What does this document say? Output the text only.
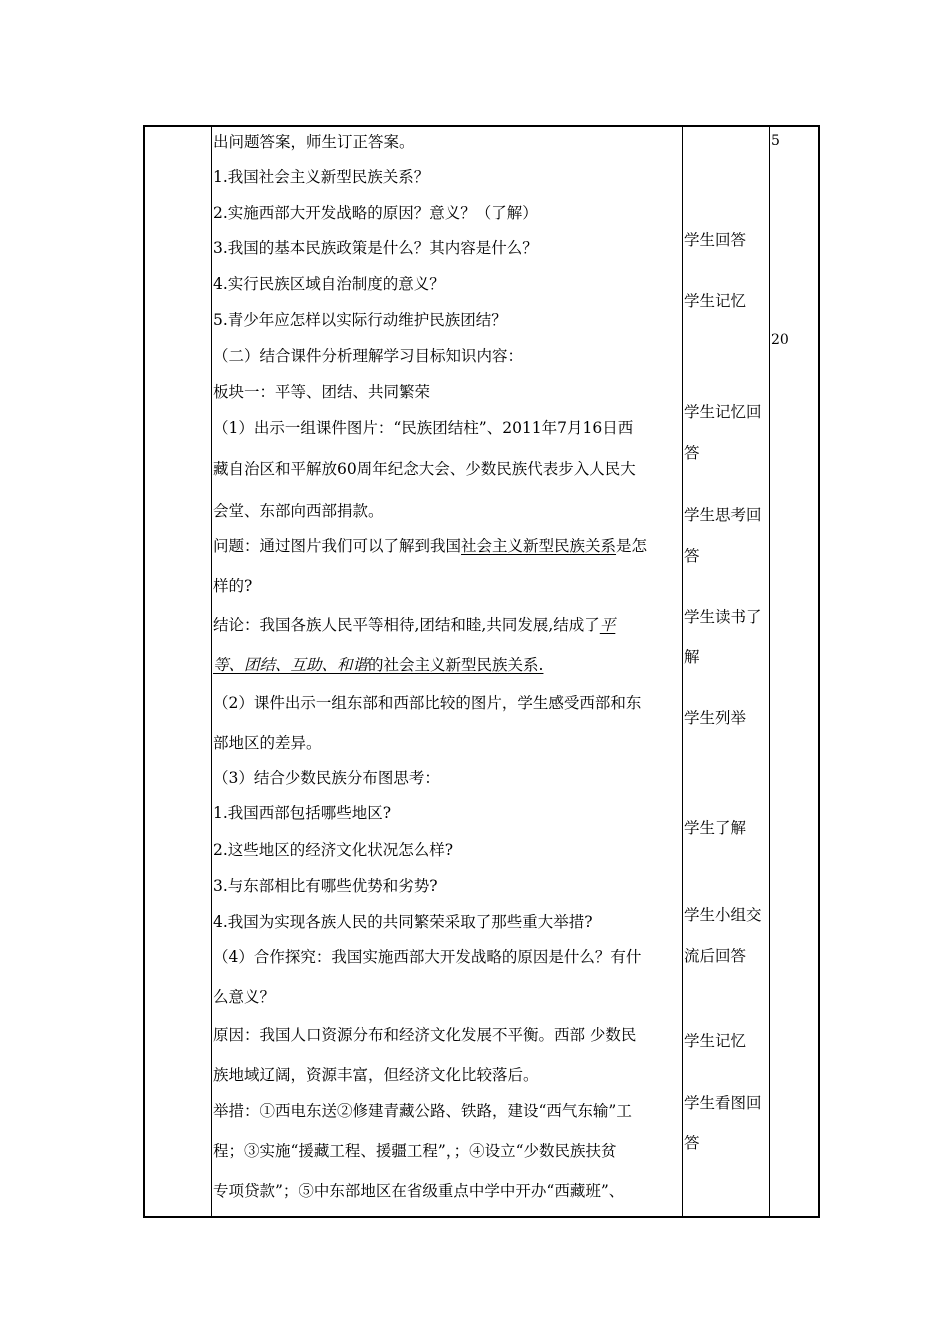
出问题答案，师生订正答案。
1.我国社会主义新型民族关系？
2.实施西部大开发战略的原因？意义？（了解）
3.我国的基本民族政策是什么？其内容是什么？
4.实行民族区域自治制度的意义？
5.青少年应怎样以实际行动维护民族团结？
（二）结合课件分析理解学习目标知识内容：
板块一：平等、团结、共同繁荣
（1）出示一组课件图片：“民族团结柱”、2011年7月16日西
藏自治区和平解放60周年纪念大会、少数民族代表步入人民大
会堂、东部向西部捐款。
问题：通过图片我们可以了解到我国社会主义新型民族关系是怎
样的?
结论：我国各族人民平等相待,团结和睦,共同发展,结成了平
等、团结、互助、和谐的社会主义新型民族关系.
（2）课件出示一组东部和西部比较的图片，学生感受西部和东
部地区的差异。
（3）结合少数民族分布图思考：
1.我国西部包括哪些地区?
2.这些地区的经济文化状况怎么样?
3.与东部相比有哪些优势和劣势?
4.我国为实现各族人民的共同繁荣采取了那些重大举措?
（4）合作探究：我国实施西部大开发战略的原因是什么？有什
么意义？
原因：我国人口资源分布和经济文化发展不平衡。西部 少数民
族地域辽阔，资源丰富，但经济文化比较落后。
举措：①西电东送②修建青藏公路、铁路，建设“西气东输”工
程；③实施“援藏工程、援疆工程”，；④设立“少数民族扶贫
专项贷款”；⑤中东部地区在省级重点中学中开办“西藏班”、
学生回答
学生记忆
学生记忆回
答
学生思考回
答
学生读书了
解
学生列举
学生了解
学生小组交
流后回答
学生记忆
学生看图回
答
5
20
